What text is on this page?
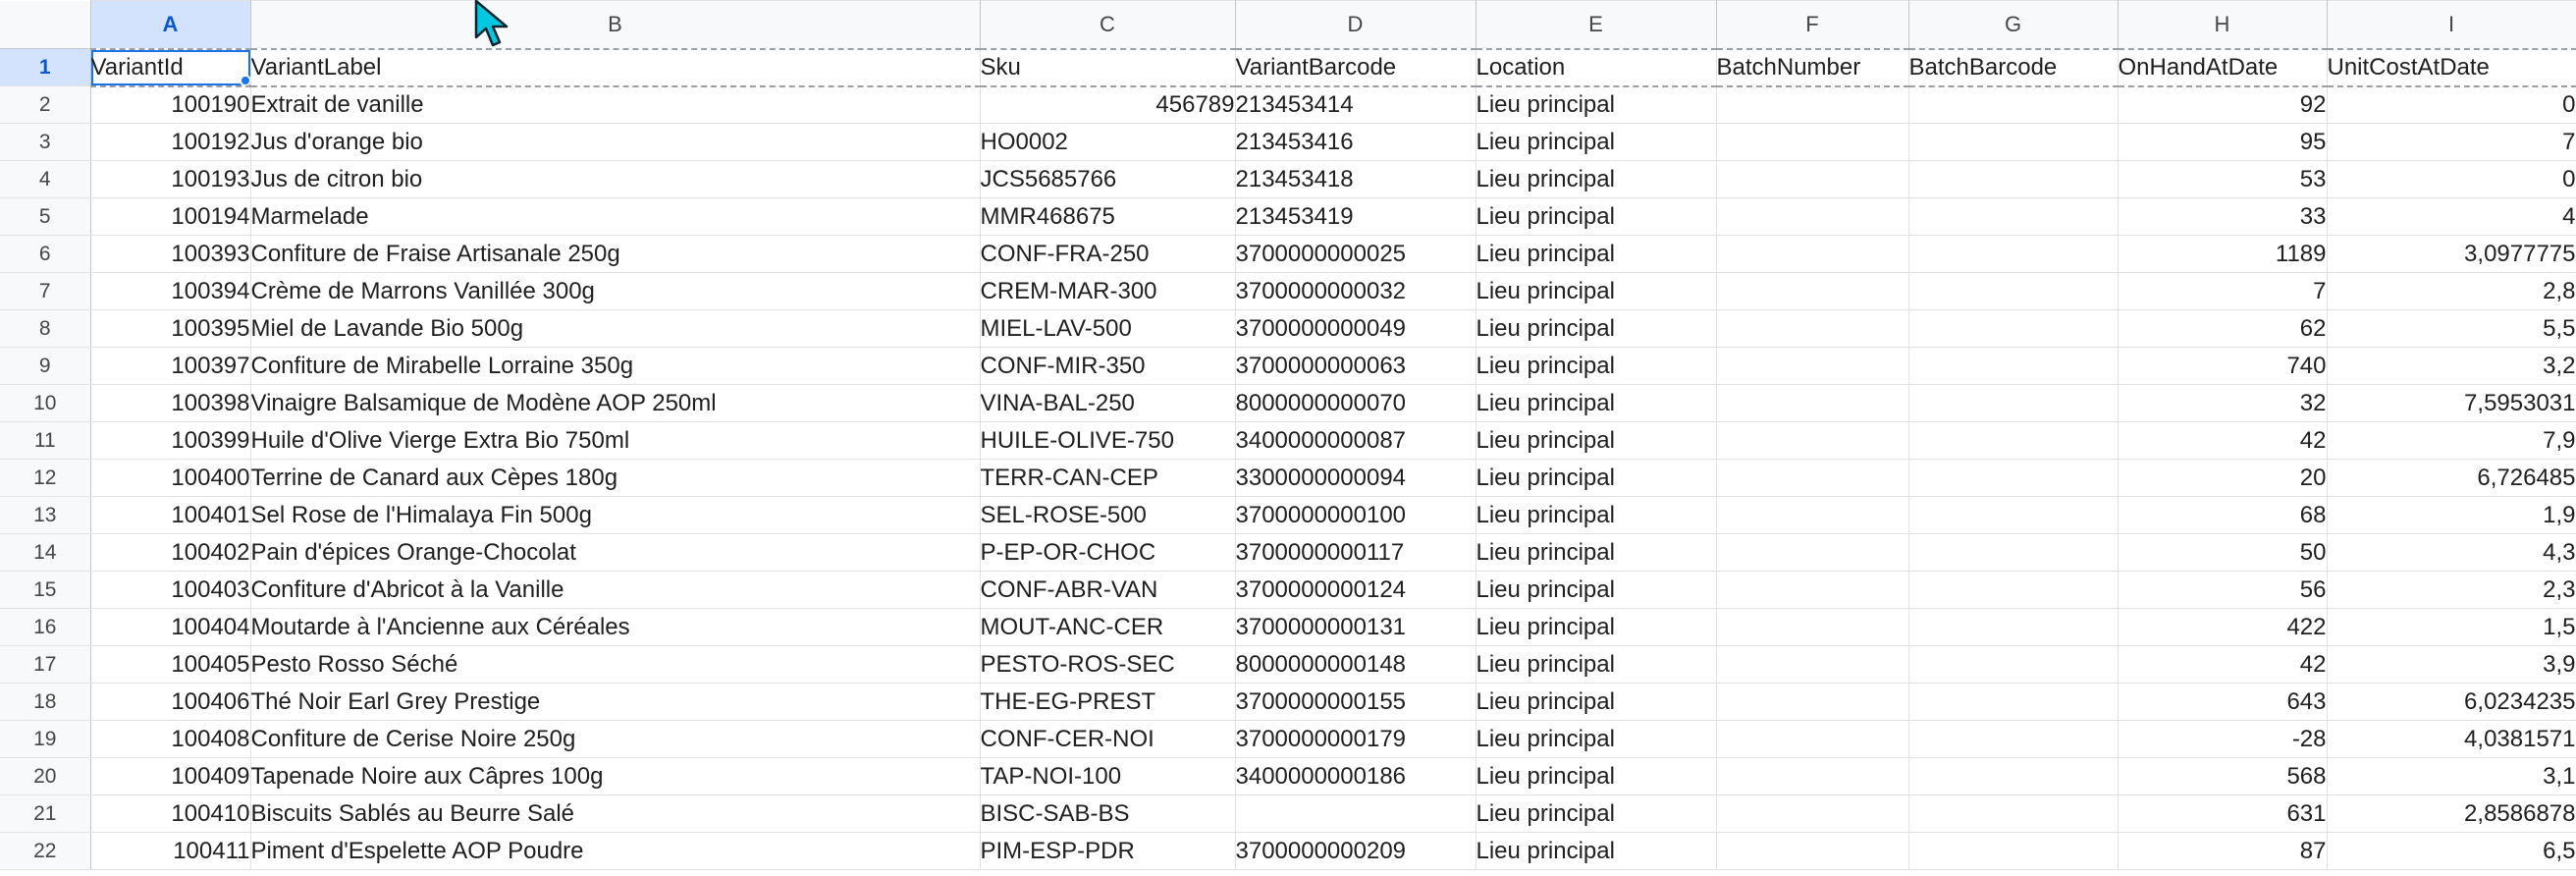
	A	B	C	D	E	F	G	H	I
1	VariantId	VariantLabel	Sku	VariantBarcode	Location	BatchNumber	BatchBarcode	OnHandAtDate	UnitCostAtDate
2	100190	Extrait de vanille	456789	213453414	Lieu principal			92	0
3	100192	Jus d'orange bio	HO0002	213453416	Lieu principal			95	7
4	100193	Jus de citron bio	JCS5685766	213453418	Lieu principal			53	0
5	100194	Marmelade	MMR468675	213453419	Lieu principal			33	4
6	100393	Confiture de Fraise Artisanale 250g	CONF-FRA-250	3700000000025	Lieu principal			1189	3,0977775
7	100394	Crème de Marrons Vanillée 300g	CREM-MAR-300	3700000000032	Lieu principal			7	2,8
8	100395	Miel de Lavande Bio 500g	MIEL-LAV-500	3700000000049	Lieu principal			62	5,5
9	100397	Confiture de Mirabelle Lorraine 350g	CONF-MIR-350	3700000000063	Lieu principal			740	3,2
10	100398	Vinaigre Balsamique de Modène AOP 250ml	VINA-BAL-250	8000000000070	Lieu principal			32	7,5953031
11	100399	Huile d'Olive Vierge Extra Bio 750ml	HUILE-OLIVE-750	3400000000087	Lieu principal			42	7,9
12	100400	Terrine de Canard aux Cèpes 180g	TERR-CAN-CEP	3300000000094	Lieu principal			20	6,726485
13	100401	Sel Rose de l'Himalaya Fin 500g	SEL-ROSE-500	3700000000100	Lieu principal			68	1,9
14	100402	Pain d'épices Orange-Chocolat	P-EP-OR-CHOC	3700000000117	Lieu principal			50	4,3
15	100403	Confiture d'Abricot à la Vanille	CONF-ABR-VAN	3700000000124	Lieu principal			56	2,3
16	100404	Moutarde à l'Ancienne aux Céréales	MOUT-ANC-CER	3700000000131	Lieu principal			422	1,5
17	100405	Pesto Rosso Séché	PESTO-ROS-SEC	8000000000148	Lieu principal			42	3,9
18	100406	Thé Noir Earl Grey Prestige	THE-EG-PREST	3700000000155	Lieu principal			643	6,0234235
19	100408	Confiture de Cerise Noire 250g	CONF-CER-NOI	3700000000179	Lieu principal			-28	4,0381571
20	100409	Tapenade Noire aux Câpres 100g	TAP-NOI-100	3400000000186	Lieu principal			568	3,1
21	100410	Biscuits Sablés au Beurre Salé	BISC-SAB-BS		Lieu principal			631	2,8586878
22	100411	Piment d'Espelette AOP Poudre	PIM-ESP-PDR	3700000000209	Lieu principal			87	6,5
